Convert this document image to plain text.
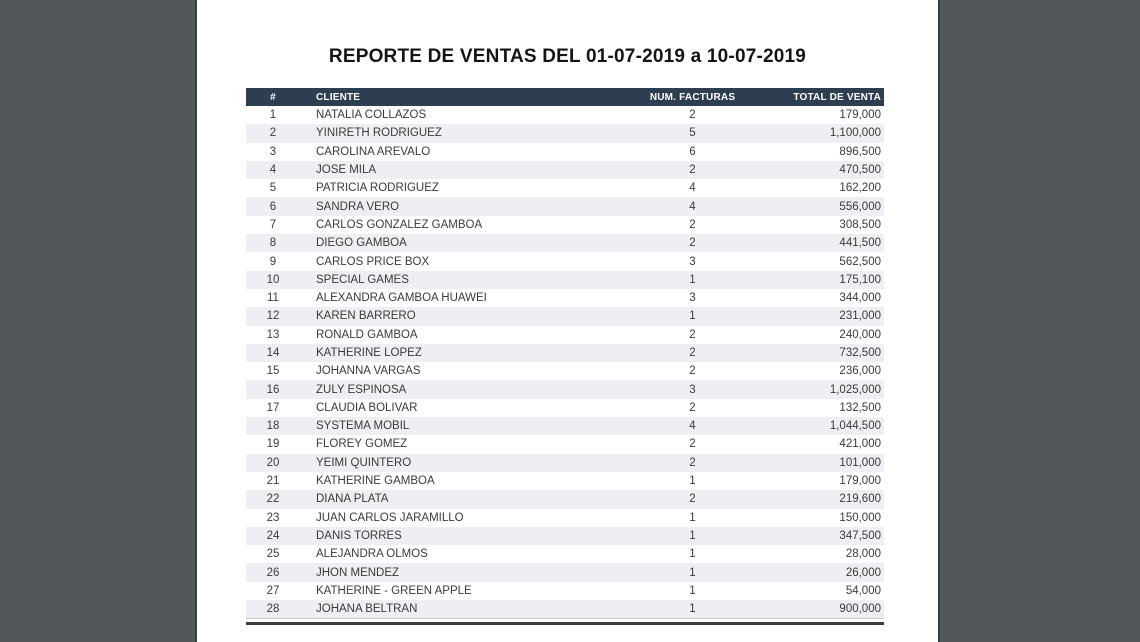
REPORTE DE VENTAS DEL 01-07-2019 a 10-07-2019
#	CLIENTE	NUM. FACTURAS	TOTAL DE VENTA
1	NATALIA COLLAZOS	2	179,000
2	YINIRETH RODRIGUEZ	5	1,100,000
3	CAROLINA AREVALO	6	896,500
4	JOSE MILA	2	470,500
5	PATRICIA RODRIGUEZ	4	162,200
6	SANDRA VERO	4	556,000
7	CARLOS GONZALEZ GAMBOA	2	308,500
8	DIEGO GAMBOA	2	441,500
9	CARLOS PRICE BOX	3	562,500
10	SPECIAL GAMES	1	175,100
11	ALEXANDRA GAMBOA HUAWEI	3	344,000
12	KAREN BARRERO	1	231,000
13	RONALD GAMBOA	2	240,000
14	KATHERINE LOPEZ	2	732,500
15	JOHANNA VARGAS	2	236,000
16	ZULY ESPINOSA	3	1,025,000
17	CLAUDIA BOLIVAR	2	132,500
18	SYSTEMA MOBIL	4	1,044,500
19	FLOREY GOMEZ	2	421,000
20	YEIMI QUINTERO	2	101,000
21	KATHERINE GAMBOA	1	179,000
22	DIANA PLATA	2	219,600
23	JUAN CARLOS JARAMILLO	1	150,000
24	DANIS TORRES	1	347,500
25	ALEJANDRA OLMOS	1	28,000
26	JHON MENDEZ	1	26,000
27	KATHERINE - GREEN APPLE	1	54,000
28	JOHANA BELTRAN	1	900,000
